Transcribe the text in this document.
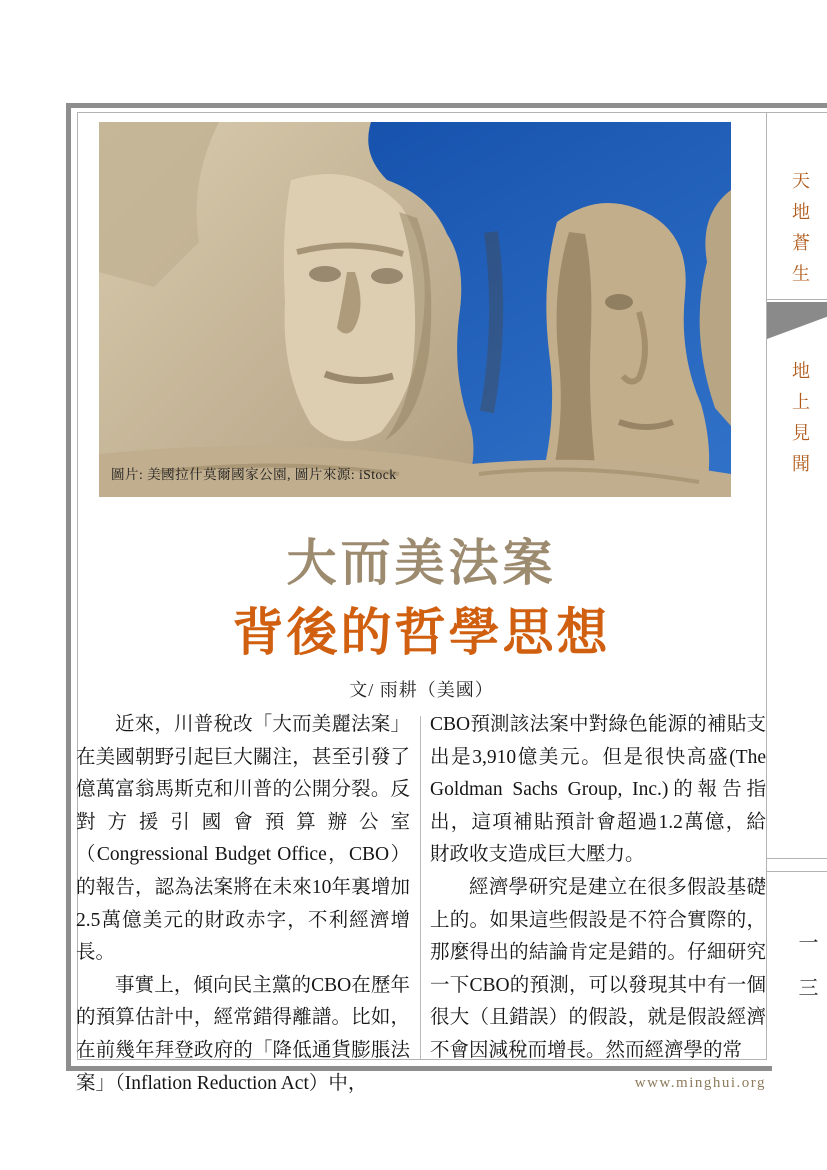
天地蒼生
地上見聞
一三
圖片: 美國拉什莫爾國家公園, 圖片來源: iStock
大而美法案
背後的哲學思想
文/ 雨耕（美國）

近來，川普稅改「大而美麗法案」在美國朝野引起巨大關注，甚至引發了億萬富翁馬斯克和川普的公開分裂。反對方援引國會預算辦公室（Congressional Budget Office，CBO）的報告，認為法案將在未來10年裏增加2.5萬億美元的財政赤字，不利經濟增長。

事實上，傾向民主黨的CBO在歷年的預算估計中，經常錯得離譜。比如，在前幾年拜登政府的「降低通貨膨脹法案」（Inflation Reduction Act）中，

CBO預測該法案中對綠色能源的補貼支出是3,910億美元。但是很快高盛(The Goldman Sachs Group, Inc.)的報告指出，這項補貼預計會超過1.2萬億，給財政收支造成巨大壓力。

經濟學研究是建立在很多假設基礎上的。如果這些假設是不符合實際的，那麼得出的結論肯定是錯的。仔細研究一下CBO的預測，可以發現其中有一個很大（且錯誤）的假設，就是假設經濟不會因減稅而增長。然而經濟學的常

www.minghui.org
